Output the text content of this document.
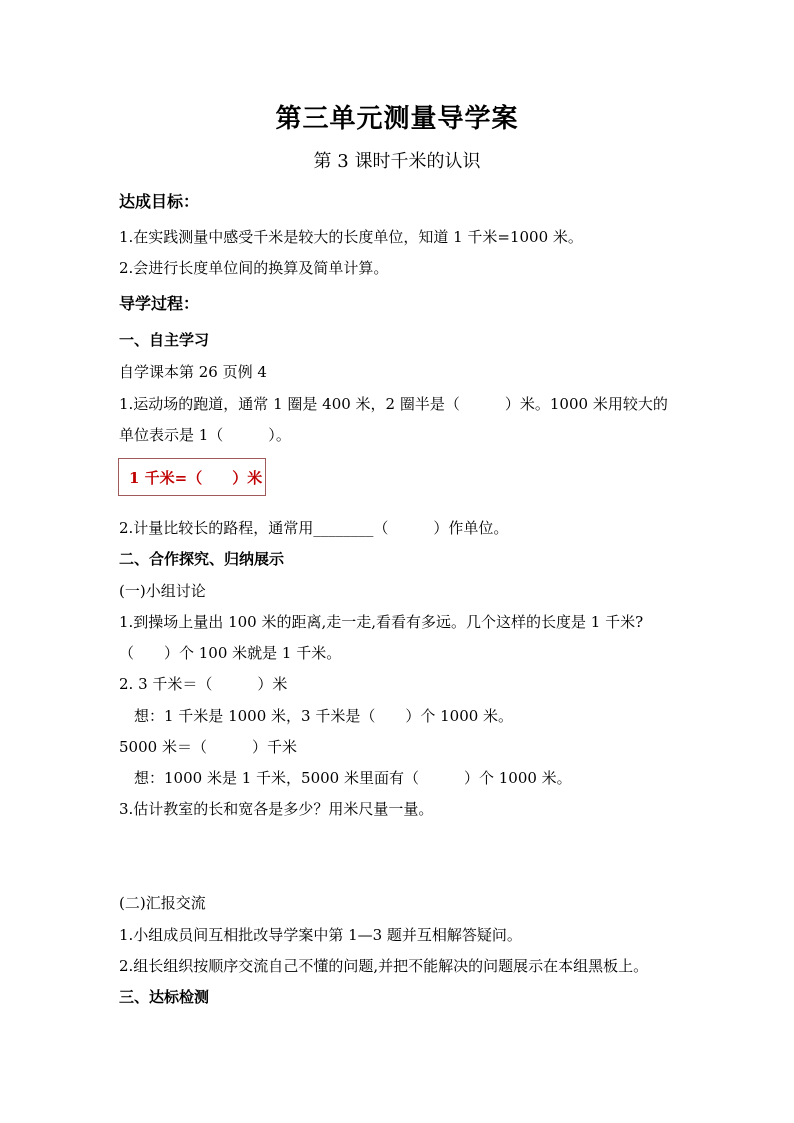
第三单元测量导学案
第 3 课时千米的认识
达成目标：
1.在实践测量中感受千米是较大的长度单位，知道 1 千米=1000 米。
2.会进行长度单位间的换算及简单计算。
导学过程：
一、自主学习
自学课本第 26 页例 4
1.运动场的跑道，通常 1 圈是 400 米，2 圈半是（　　　）米。1000 米用较大的
单位表示是 1（　　　）。
1 千米=（　　）米
2.计量比较长的路程，通常用________（　　　）作单位。
二、合作探究、归纳展示
(一)小组讨论
1.到操场上量出 100 米的距离,走一走,看看有多远。几个这样的长度是 1 千米?
（　　）个 100 米就是 1 千米。
2. 3 千米＝（　　　）米
　想：1 千米是 1000 米，3 千米是（　　）个 1000 米。
5000 米＝（　　　）千米
　想：1000 米是 1 千米，5000 米里面有（　　　）个 1000 米。
3.估计教室的长和宽各是多少？用米尺量一量。
(二)汇报交流
1.小组成员间互相批改导学案中第 1—3 题并互相解答疑问。
2.组长组织按顺序交流自己不懂的问题,并把不能解决的问题展示在本组黑板上。
三、达标检测
